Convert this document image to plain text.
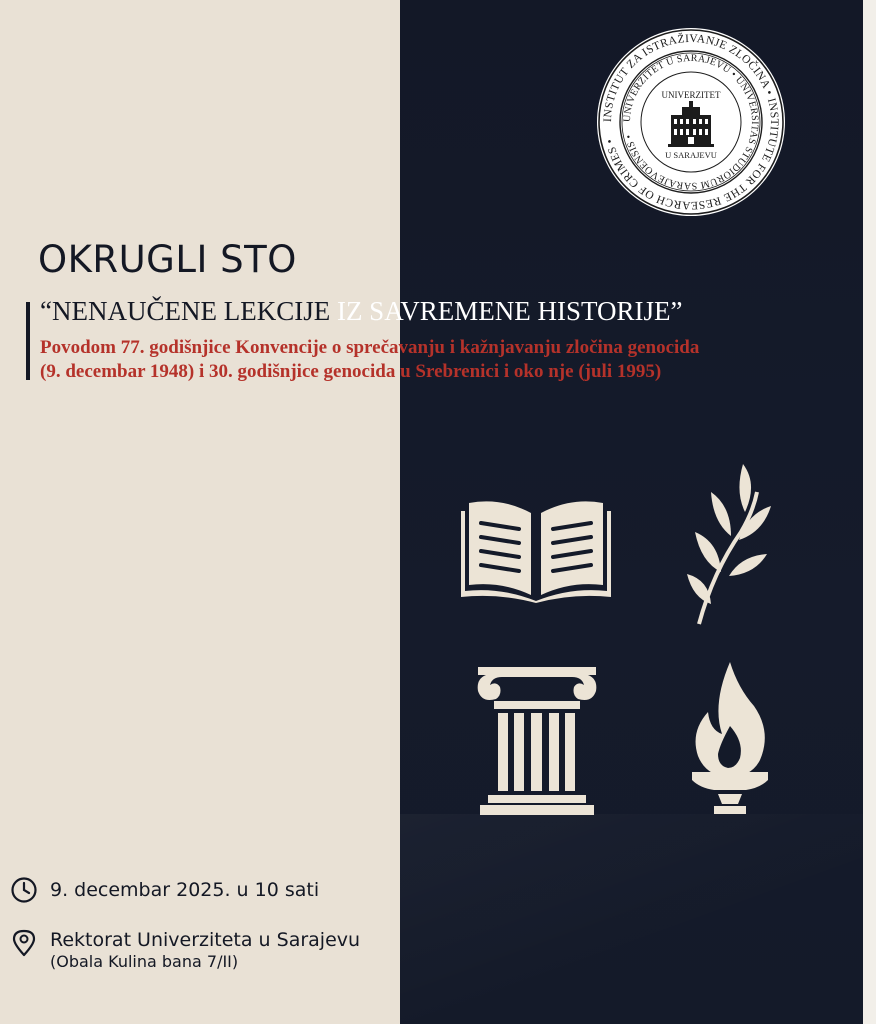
INSTITUT ZA ISTRAŽIVANJE ZLOČINA • INSTITUTE FOR THE RESEARCH OF CRIMES •
UNIVERZITET U SARAJEVU • UNIVERSITAS STUDIORUM SARAJEVOENSIS •
UNIVERZITET
U SARAJEVU
OKRUGLI STO
“NENAUČENE LEKCIJE IZ SAVREMENE HISTORIJE”

Povodom 77. godišnjice Konvencije o sprečavanju i kažnjavanju zločina genocida
(9. decembar 1948) i 30. godišnjice genocida u Srebrenici i oko nje (juli 1995)

9. decembar 2025. u 10 sati
Rektorat Univerziteta u Sarajevu
(Obala Kulina bana 7/II)
